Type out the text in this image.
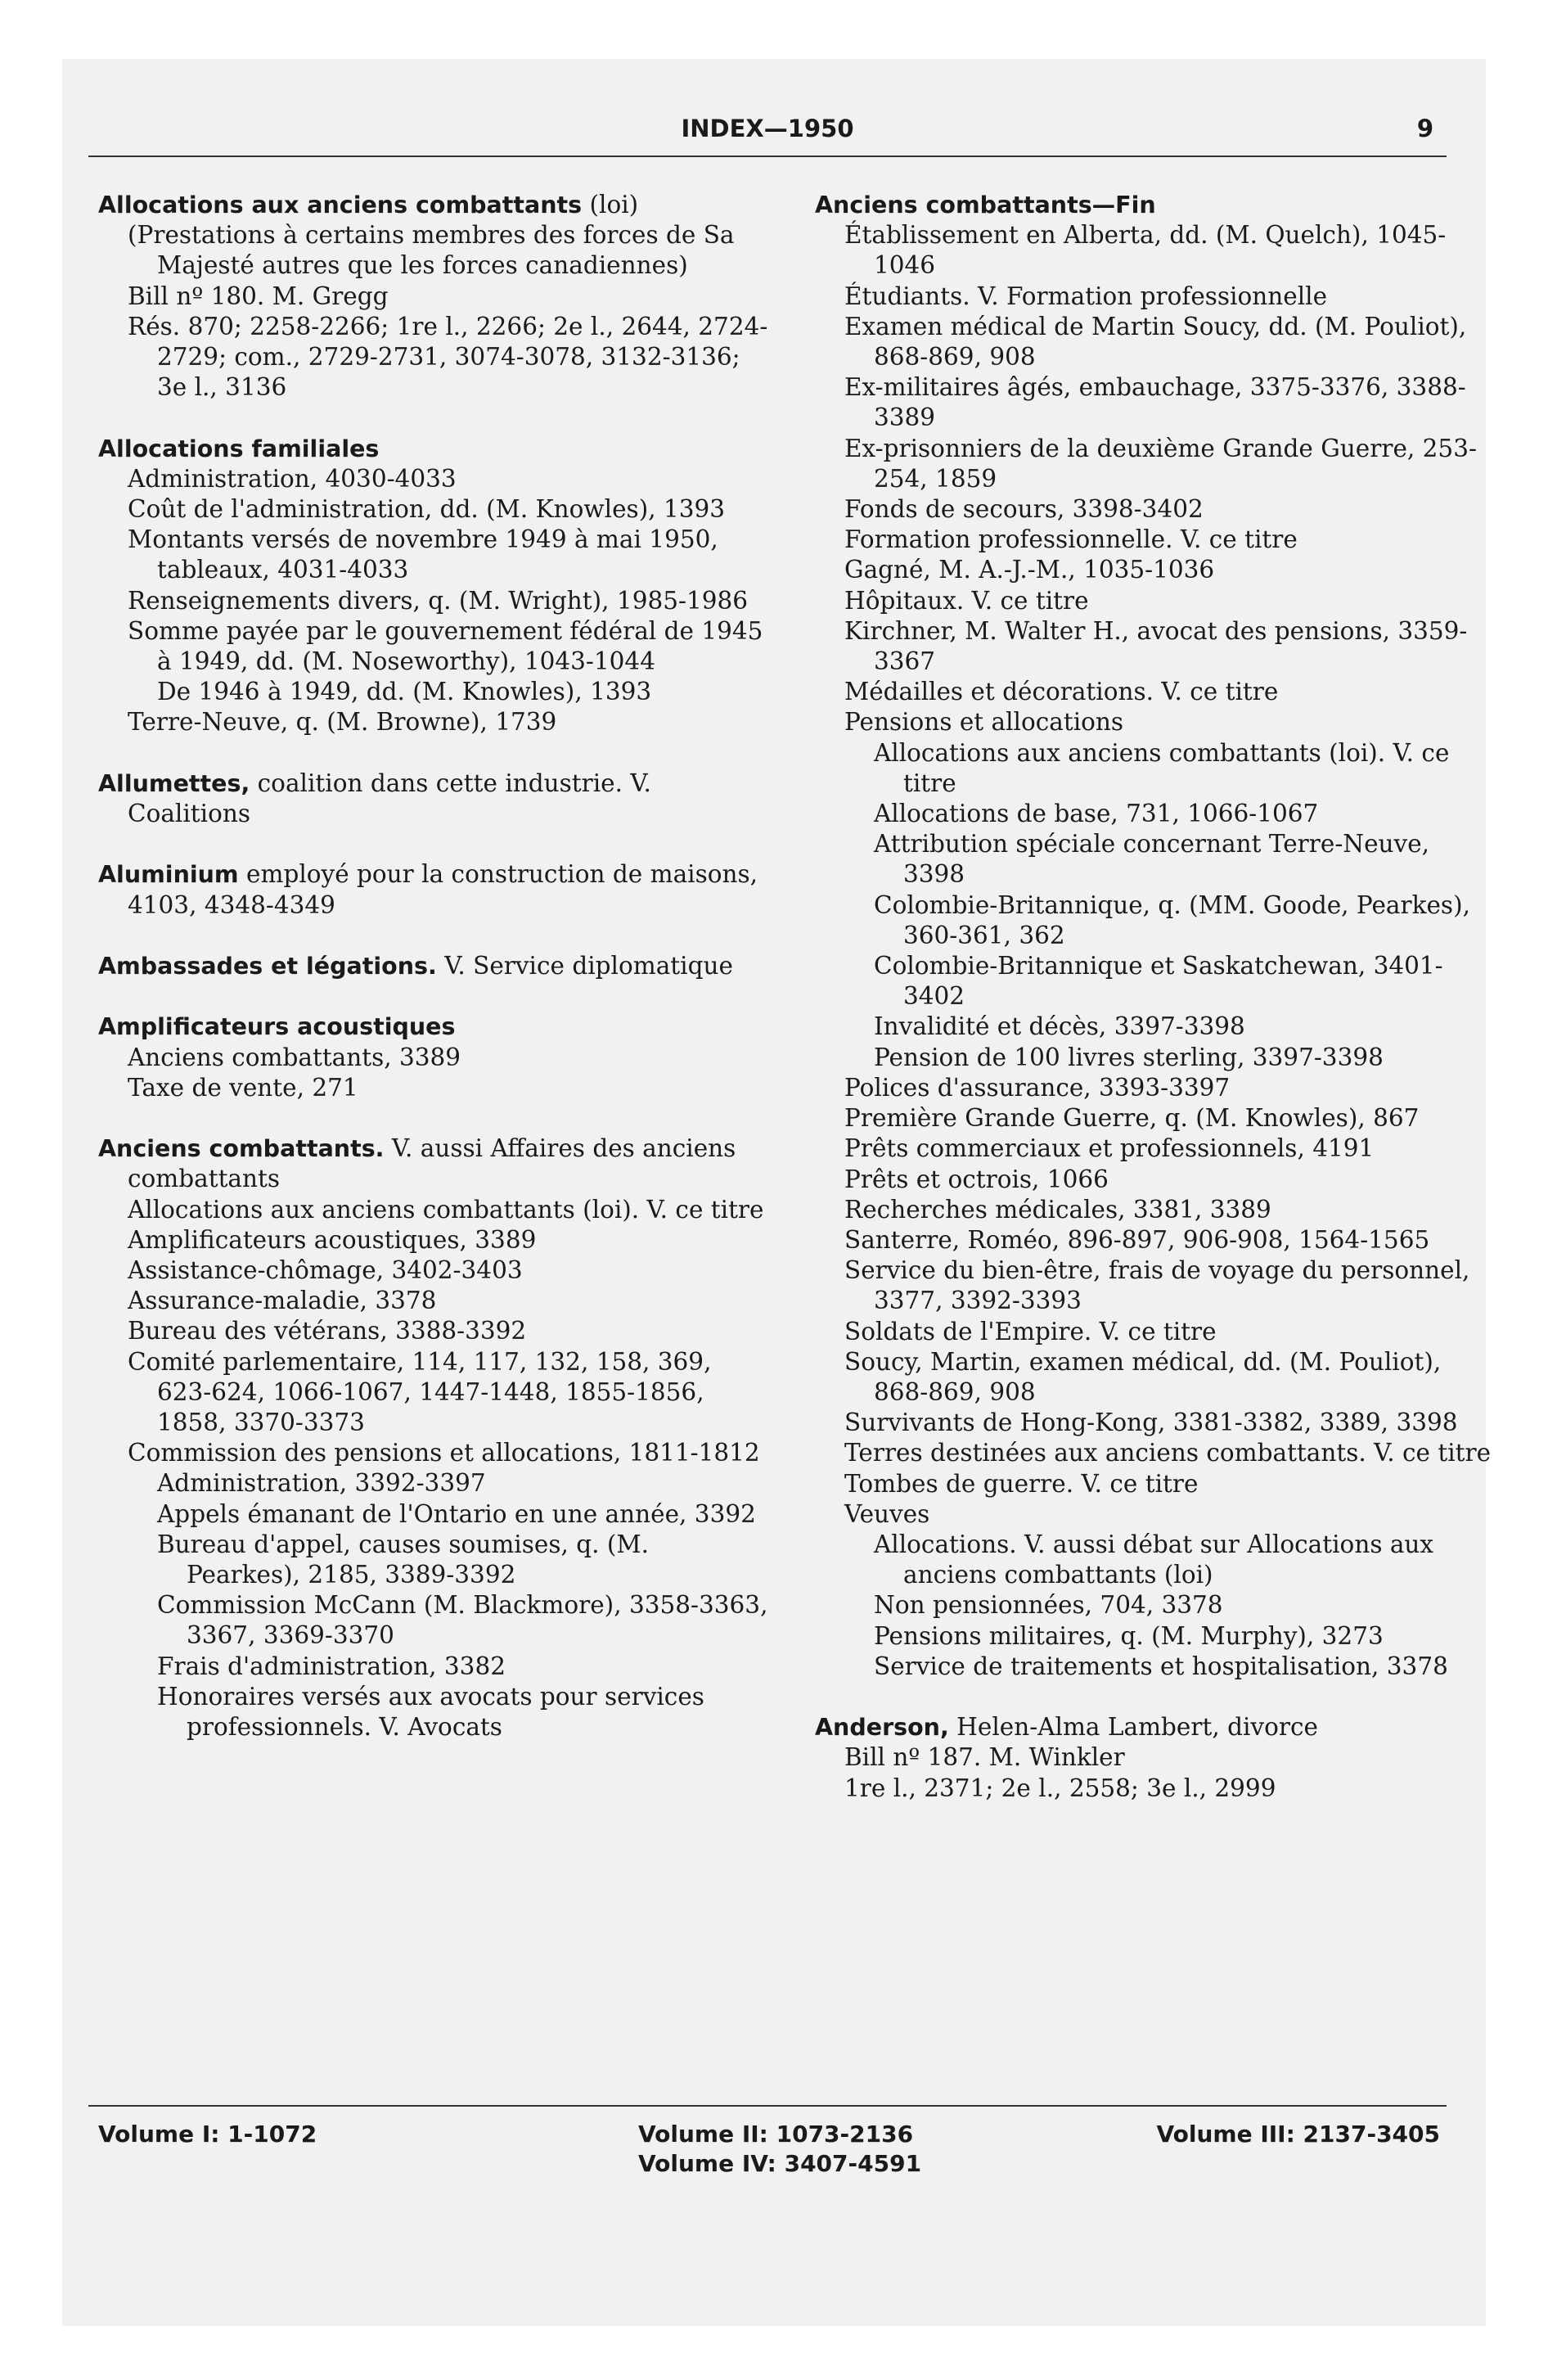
INDEX—1950	9
Allocations aux anciens combattants (loi)
(Prestations à certains membres des forces de Sa Majesté autres que les forces canadiennes)
Bill nº 180. M. Gregg
Rés. 870; 2258-2266; 1re l., 2266; 2e l., 2644, 2724-2729; com., 2729-2731, 3074-3078, 3132-3136; 3e l., 3136
Allocations familiales
Administration, 4030-4033
Coût de l'administration, dd. (M. Knowles), 1393
Montants versés de novembre 1949 à mai 1950, tableaux, 4031-4033
Renseignements divers, q. (M. Wright), 1985-1986
Somme payée par le gouvernement fédéral de 1945 à 1949, dd. (M. Noseworthy), 1043-1044
De 1946 à 1949, dd. (M. Knowles), 1393
Terre-Neuve, q. (M. Browne), 1739
Allumettes, coalition dans cette industrie. V. Coalitions
Aluminium employé pour la construction de maisons, 4103, 4348-4349
Ambassades et légations. V. Service diplomatique
Amplificateurs acoustiques
Anciens combattants, 3389
Taxe de vente, 271
Anciens combattants. V. aussi Affaires des anciens combattants
Allocations aux anciens combattants (loi). V. ce titre
Amplificateurs acoustiques, 3389
Assistance-chômage, 3402-3403
Assurance-maladie, 3378
Bureau des vétérans, 3388-3392
Comité parlementaire, 114, 117, 132, 158, 369, 623-624, 1066-1067, 1447-1448, 1855-1856, 1858, 3370-3373
Commission des pensions et allocations, 1811-1812
Administration, 3392-3397
Appels émanant de l'Ontario en une année, 3392
Bureau d'appel, causes soumises, q. (M. Pearkes), 2185, 3389-3392
Commission McCann (M. Blackmore), 3358-3363, 3367, 3369-3370
Frais d'administration, 3382
Honoraires versés aux avocats pour services professionnels. V. Avocats
Anciens combattants—Fin
Établissement en Alberta, dd. (M. Quelch), 1045-1046
Étudiants. V. Formation professionnelle
Examen médical de Martin Soucy, dd. (M. Pouliot), 868-869, 908
Ex-militaires âgés, embauchage, 3375-3376, 3388-3389
Ex-prisonniers de la deuxième Grande Guerre, 253-254, 1859
Fonds de secours, 3398-3402
Formation professionnelle. V. ce titre
Gagné, M. A.-J.-M., 1035-1036
Hôpitaux. V. ce titre
Kirchner, M. Walter H., avocat des pensions, 3359-3367
Médailles et décorations. V. ce titre
Pensions et allocations
Allocations aux anciens combattants (loi). V. ce titre
Allocations de base, 731, 1066-1067
Attribution spéciale concernant Terre-Neuve, 3398
Colombie-Britannique, q. (MM. Goode, Pearkes), 360-361, 362
Colombie-Britannique et Saskatchewan, 3401-3402
Invalidité et décès, 3397-3398
Pension de 100 livres sterling, 3397-3398
Polices d'assurance, 3393-3397
Première Grande Guerre, q. (M. Knowles), 867
Prêts commerciaux et professionnels, 4191
Prêts et octrois, 1066
Recherches médicales, 3381, 3389
Santerre, Roméo, 896-897, 906-908, 1564-1565
Service du bien-être, frais de voyage du personnel, 3377, 3392-3393
Soldats de l'Empire. V. ce titre
Soucy, Martin, examen médical, dd. (M. Pouliot), 868-869, 908
Survivants de Hong-Kong, 3381-3382, 3389, 3398
Terres destinées aux anciens combattants. V. ce titre
Tombes de guerre. V. ce titre
Veuves
Allocations. V. aussi débat sur Allocations aux anciens combattants (loi)
Non pensionnées, 704, 3378
Pensions militaires, q. (M. Murphy), 3273
Service de traitements et hospitalisation, 3378
Anderson, Helen-Alma Lambert, divorce
Bill nº 187. M. Winkler
1re l., 2371; 2e l., 2558; 3e l., 2999
Volume I: 1-1072	Volume II: 1073-2136
Volume IV: 3407-4591
Volume III: 2137-3405
